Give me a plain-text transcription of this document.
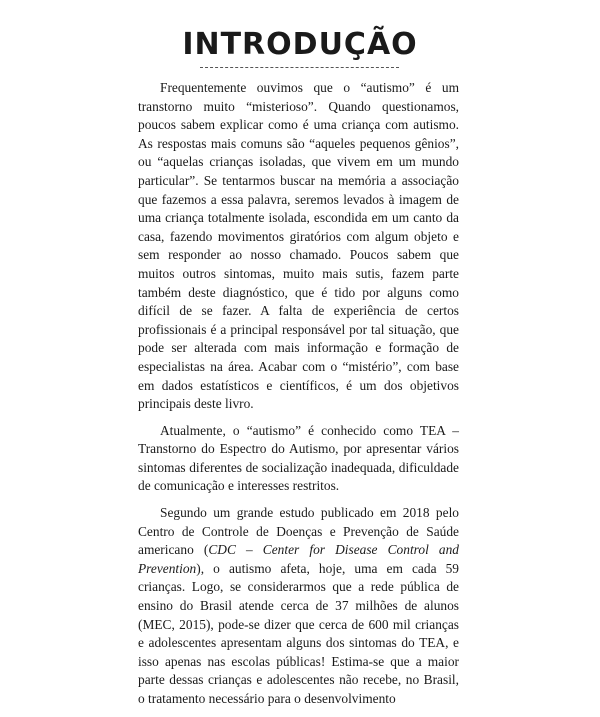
INTRODUÇÃO

Frequentemente ouvimos que o “autismo” é um transtorno muito “misterioso”. Quando questionamos, poucos sabem explicar como é uma criança com autismo. As respostas mais comuns são “aqueles pequenos gênios”, ou “aquelas crianças isoladas, que vivem em um mundo particular”. Se tentarmos buscar na memória a associação que fazemos a essa palavra, seremos levados à imagem de uma criança totalmente isolada, escondida em um canto da casa, fazendo movimentos giratórios com algum objeto e sem responder ao nosso chamado. Poucos sabem que muitos outros sintomas, muito mais sutis, fazem parte também deste diagnóstico, que é tido por alguns como difícil de se fazer. A falta de experiência de certos profissionais é a principal responsável por tal situação, que pode ser alterada com mais informação e formação de especialistas na área. Acabar com o “mistério”, com base em dados estatísticos e científicos, é um dos objetivos principais deste livro.

Atualmente, o “autismo” é conhecido como TEA – Transtorno do Espectro do Autismo, por apresentar vários sintomas diferentes de socialização inadequada, dificuldade de comunicação e interesses restritos.

Segundo um grande estudo publicado em 2018 pelo Centro de Controle de Doenças e Prevenção de Saúde americano (CDC – Center for Disease Control and Prevention), o autismo afeta, hoje, uma em cada 59 crianças. Logo, se considerarmos que a rede pública de ensino do Brasil atende cerca de 37 milhões de alunos (MEC, 2015), pode-se dizer que cerca de 600 mil crianças e adolescentes apresentam alguns dos sintomas do TEA, e isso apenas nas escolas públicas! Estima-se que a maior parte dessas crianças e adolescentes não recebe, no Brasil, o tratamento necessário para o desenvolvimento
